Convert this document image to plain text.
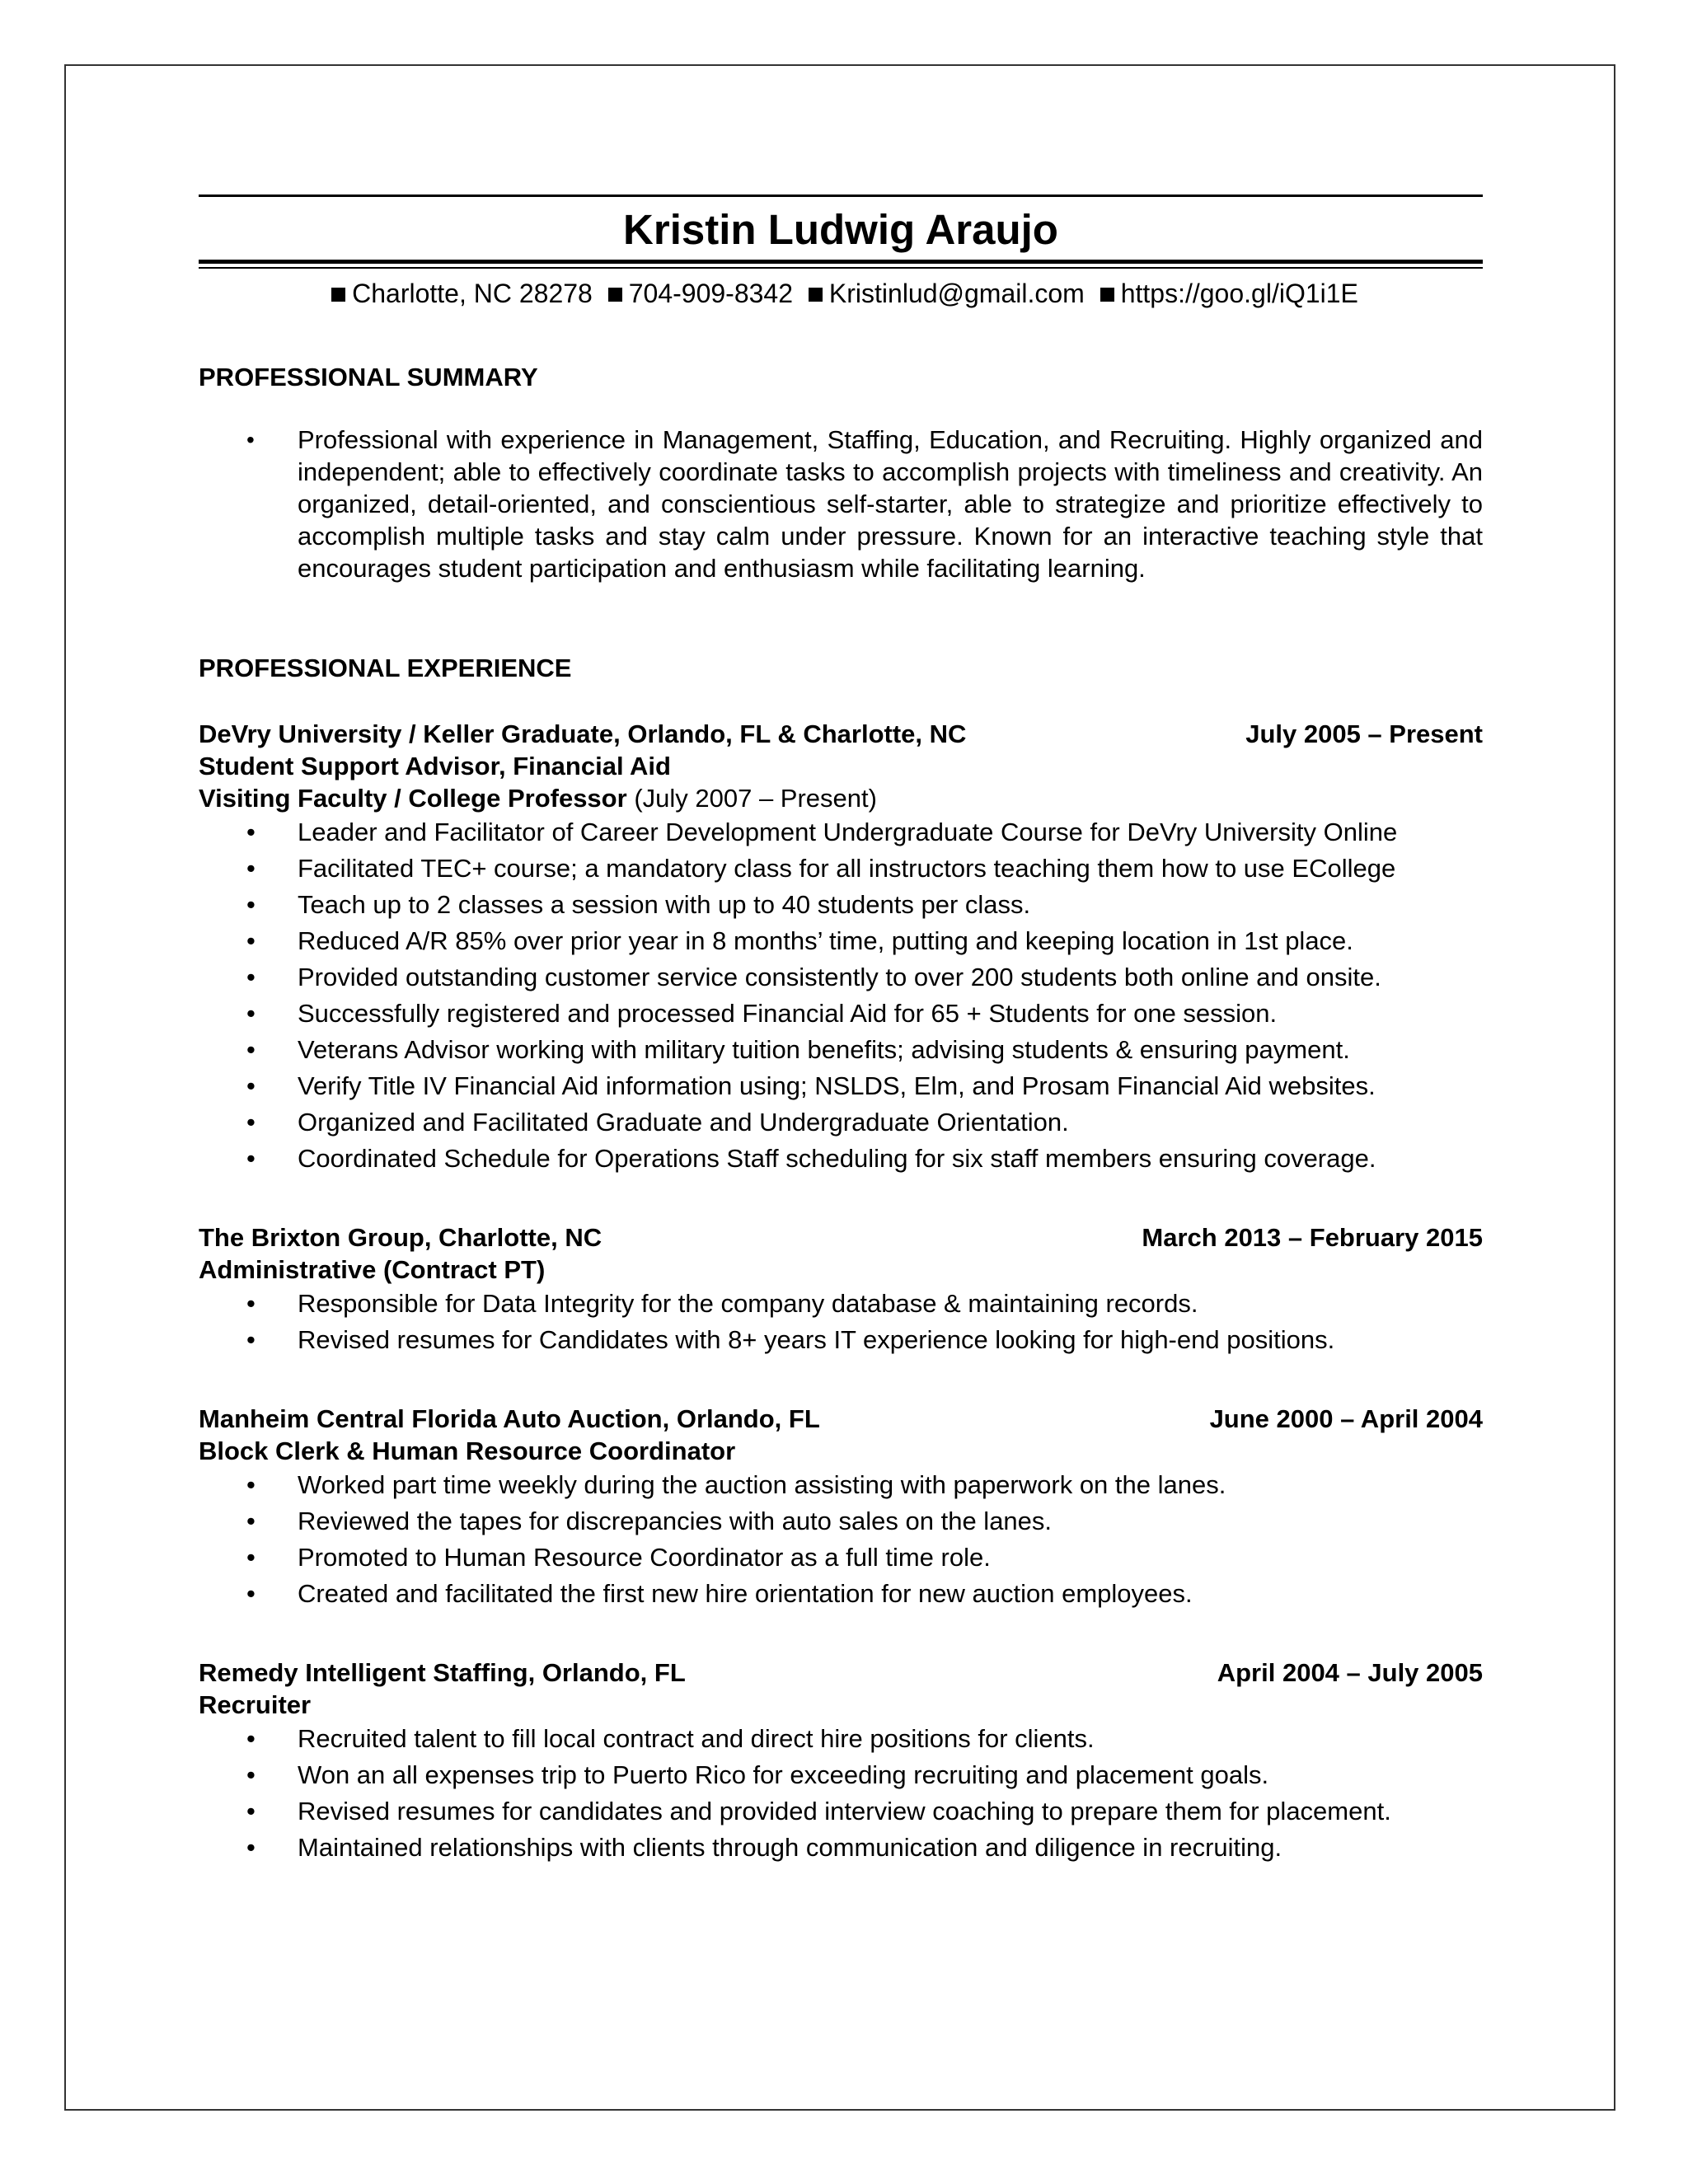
Kristin Ludwig Araujo
Charlotte, NC 28278 704-909-8342 Kristinlud@gmail.com https://goo.gl/iQ1i1E
PROFESSIONAL SUMMARY
• Professional with experience in Management, Staffing, Education, and Recruiting. Highly organized and independent; able to effectively coordinate tasks to accomplish projects with timeliness and creativity. An organized, detail-oriented, and conscientious self-starter, able to strategize and prioritize effectively to accomplish multiple tasks and stay calm under pressure. Known for an interactive teaching style that encourages student participation and enthusiasm while facilitating learning.
PROFESSIONAL EXPERIENCE
DeVry University / Keller Graduate, Orlando, FL & Charlotte, NC	July 2005 – Present
Student Support Advisor, Financial Aid
Visiting Faculty / College Professor (July 2007 – Present)
• Leader and Facilitator of Career Development Undergraduate Course for DeVry University Online
• Facilitated TEC+ course; a mandatory class for all instructors teaching them how to use ECollege
• Teach up to 2 classes a session with up to 40 students per class.
• Reduced A/R 85% over prior year in 8 months’ time, putting and keeping location in 1st place.
• Provided outstanding customer service consistently to over 200 students both online and onsite.
• Successfully registered and processed Financial Aid for 65 + Students for one session.
• Veterans Advisor working with military tuition benefits; advising students & ensuring payment.
• Verify Title IV Financial Aid information using; NSLDS, Elm, and Prosam Financial Aid websites.
• Organized and Facilitated Graduate and Undergraduate Orientation.
• Coordinated Schedule for Operations Staff scheduling for six staff members ensuring coverage.
The Brixton Group, Charlotte, NC	March 2013 – February 2015
Administrative (Contract PT)
• Responsible for Data Integrity for the company database & maintaining records.
• Revised resumes for Candidates with 8+ years IT experience looking for high-end positions.
Manheim Central Florida Auto Auction, Orlando, FL	June 2000 – April 2004
Block Clerk & Human Resource Coordinator
• Worked part time weekly during the auction assisting with paperwork on the lanes.
• Reviewed the tapes for discrepancies with auto sales on the lanes.
• Promoted to Human Resource Coordinator as a full time role.
• Created and facilitated the first new hire orientation for new auction employees.
Remedy Intelligent Staffing, Orlando, FL	April 2004 – July 2005
Recruiter
• Recruited talent to fill local contract and direct hire positions for clients.
• Won an all expenses trip to Puerto Rico for exceeding recruiting and placement goals.
• Revised resumes for candidates and provided interview coaching to prepare them for placement.
• Maintained relationships with clients through communication and diligence in recruiting.
